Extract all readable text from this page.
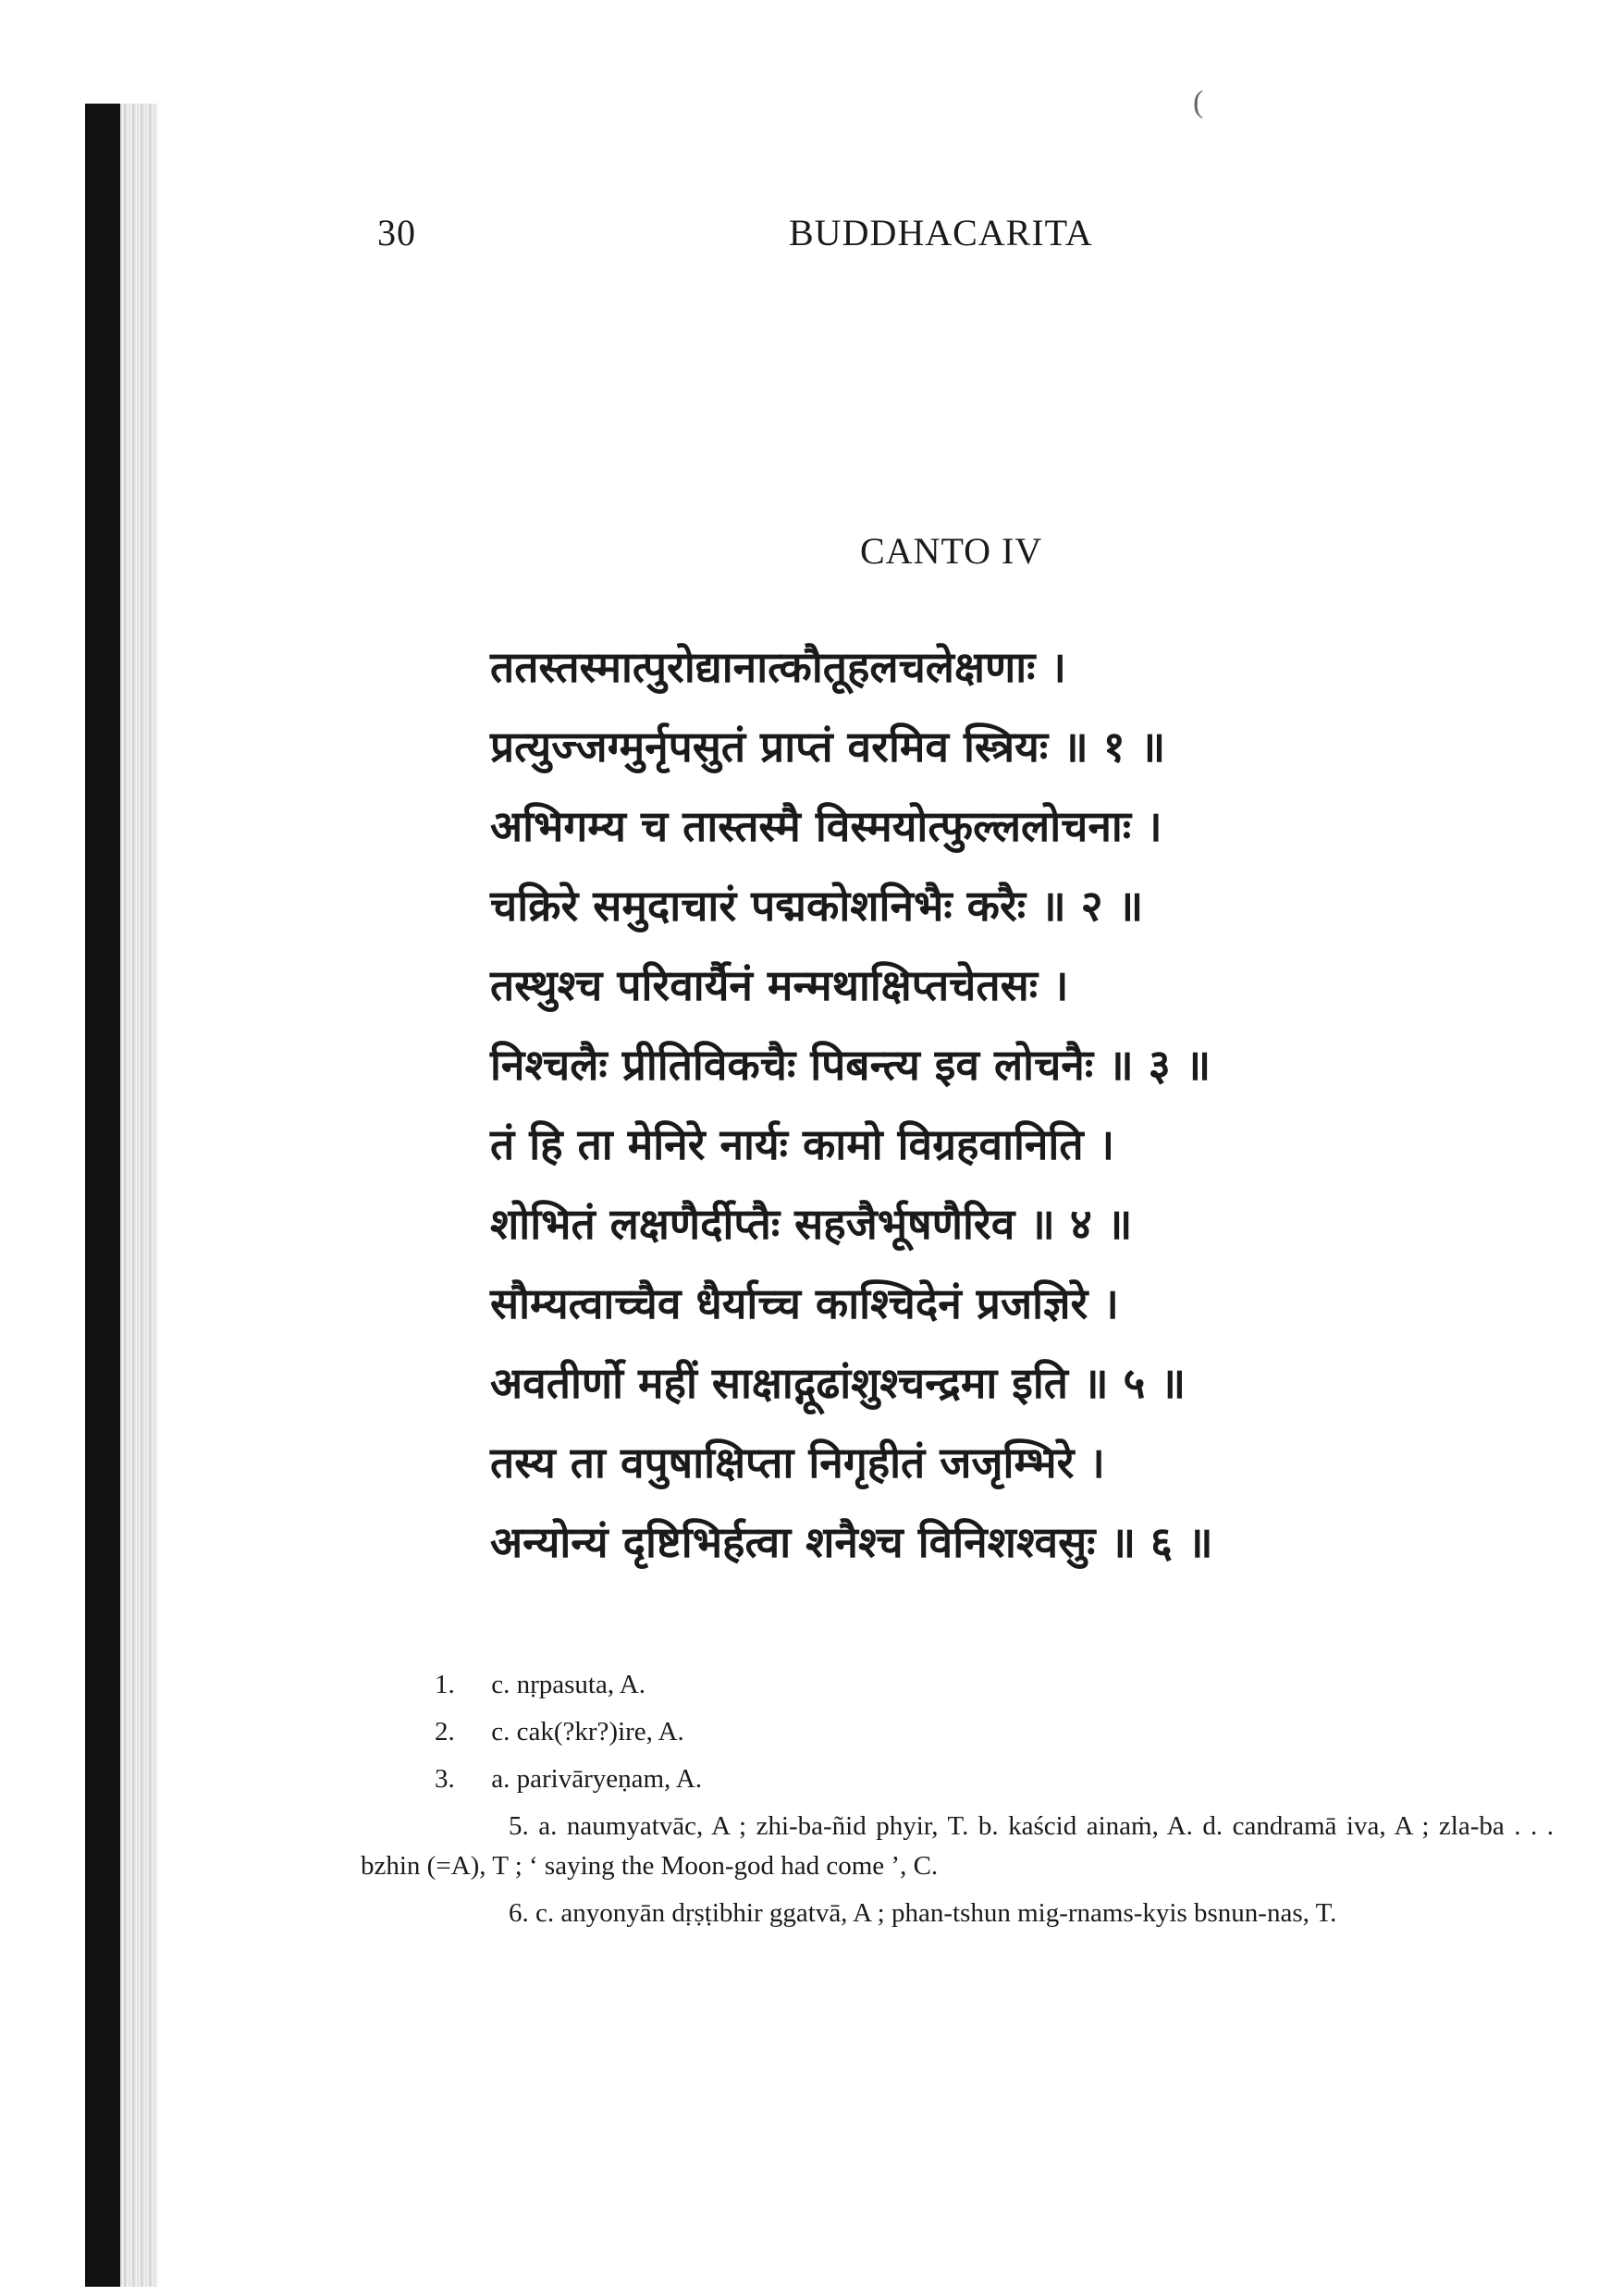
(
30	BUDDHACARITA
CANTO IV
ततस्तस्मात्पुरोद्यानात्कौतूहलचलेक्षणाः ।
प्रत्युज्जग्मुर्नृपसुतं प्राप्तं वरमिव स्त्रियः ॥ १ ॥
अभिगम्य च तास्तस्मै विस्मयोत्फुल्ललोचनाः ।
चक्रिरे समुदाचारं पद्मकोशनिभैः करैः ॥ २ ॥
तस्थुश्च परिवार्यैनं मन्मथाक्षिप्तचेतसः ।
निश्चलैः प्रीतिविकचैः पिबन्त्य इव लोचनैः ॥ ३ ॥
तं हि ता मेनिरे नार्यः कामो विग्रहवानिति ।
शोभितं लक्षणैर्दीप्तैः सहजैर्भूषणैरिव ॥ ४ ॥
सौम्यत्वाच्चैव धैर्याच्च काश्चिदेनं प्रजज्ञिरे ।
अवतीर्णो महीं साक्षाद्गूढांशुश्चन्द्रमा इति ॥ ५ ॥
तस्य ता वपुषाक्षिप्ता निगृहीतं जजृम्भिरे ।
अन्योन्यं दृष्टिभिर्हत्वा शनैश्च विनिशश्वसुः ॥ ६ ॥

1. c. nṛpasuta, A.

2. c. cak(?kr?)ire, A.

3. a. parivāryeṇam, A.

5. a. naumyatvāc, A ; zhi-ba-ñid phyir, T. b. kaścid ainaṁ, A. d. candramā iva, A ; zla-ba . . . bzhin (=A), T ; ‘ saying the Moon-god had come ’, C.

6. c. anyonyān dṛṣṭibhir ggatvā, A ; phan-tshun mig-rnams-kyis bsnun-nas, T.
